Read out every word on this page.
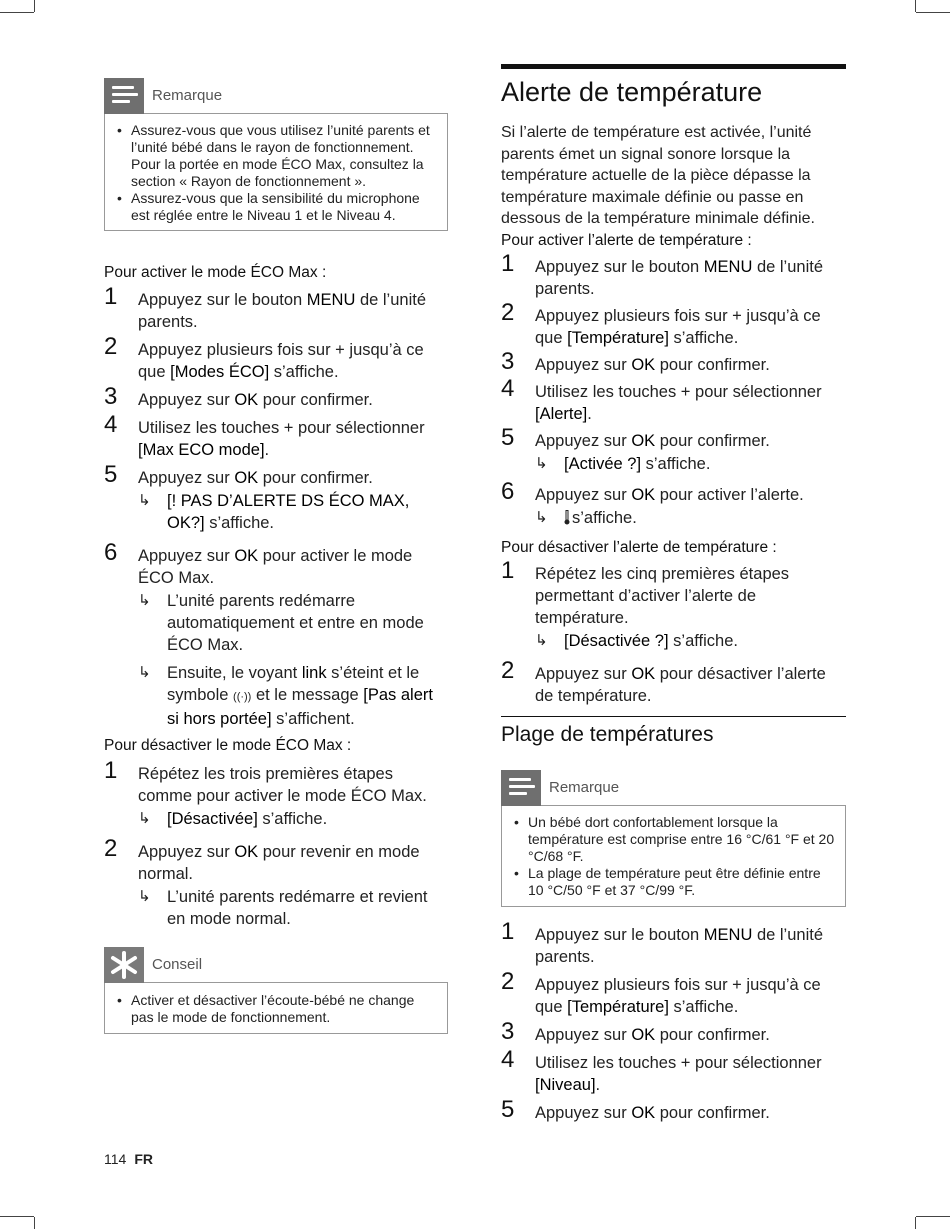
Remarque
• Assurez-vous que vous utilisez l’unité parents et l’unité bébé dans le rayon de fonctionnement. Pour la portée en mode ÉCO Max, consultez la section « Rayon de fonctionnement ».
• Assurez-vous que la sensibilité du microphone est réglée entre le Niveau 1 et le Niveau 4.

Pour activer le mode ÉCO Max :

1 Appuyez sur le bouton MENU de l’unité parents.
2 Appuyez plusieurs fois sur + jusqu’à ce que [Modes ÉCO] s’affiche.
3 Appuyez sur OK pour confirmer.
4 Utilisez les touches + pour sélectionner [Max ECO mode].
5 Appuyez sur OK pour confirmer.
↳ [! PAS D’ALERTE DS ÉCO MAX, OK?] s’affiche.
6 Appuyez sur OK pour activer le mode ÉCO Max.
↳ L’unité parents redémarre automatiquement et entre en mode ÉCO Max.
↳ Ensuite, le voyant link s’éteint et le symbole ((·)) et le message [Pas alert si hors portée] s’affichent.

Pour désactiver le mode ÉCO Max :

1 Répétez les trois premières étapes comme pour activer le mode ÉCO Max.
↳ [Désactivée] s’affiche.
2 Appuyez sur OK pour revenir en mode normal.
↳ L’unité parents redémarre et revient en mode normal.
Conseil
• Activer et désactiver l’écoute-bébé ne change pas le mode de fonctionnement.
Alerte de température

Si l’alerte de température est activée, l’unité parents émet un signal sonore lorsque la température actuelle de la pièce dépasse la température maximale définie ou passe en dessous de la température minimale définie.

Pour activer l’alerte de température :

1 Appuyez sur le bouton MENU de l’unité parents.
2 Appuyez plusieurs fois sur + jusqu’à ce que [Température] s’affiche.
3 Appuyez sur OK pour confirmer.
4 Utilisez les touches + pour sélectionner [Alerte].
5 Appuyez sur OK pour confirmer.
↳ [Activée ?] s’affiche.
6 Appuyez sur OK pour activer l’alerte.
↳ s’affiche.

Pour désactiver l’alerte de température :

1 Répétez les cinq premières étapes permettant d’activer l’alerte de température.
↳ [Désactivée ?] s’affiche.
2 Appuyez sur OK pour désactiver l’alerte de température.
Plage de températures
Remarque
• Un bébé dort confortablement lorsque la température est comprise entre 16 °C/61 °F et 20 °C/68 °F.
• La plage de température peut être définie entre 10 °C/50 °F et 37 °C/99 °F.
1 Appuyez sur le bouton MENU de l’unité parents.
2 Appuyez plusieurs fois sur + jusqu’à ce que [Température] s’affiche.
3 Appuyez sur OK pour confirmer.
4 Utilisez les touches + pour sélectionner [Niveau].
5 Appuyez sur OK pour confirmer.
114 FR
